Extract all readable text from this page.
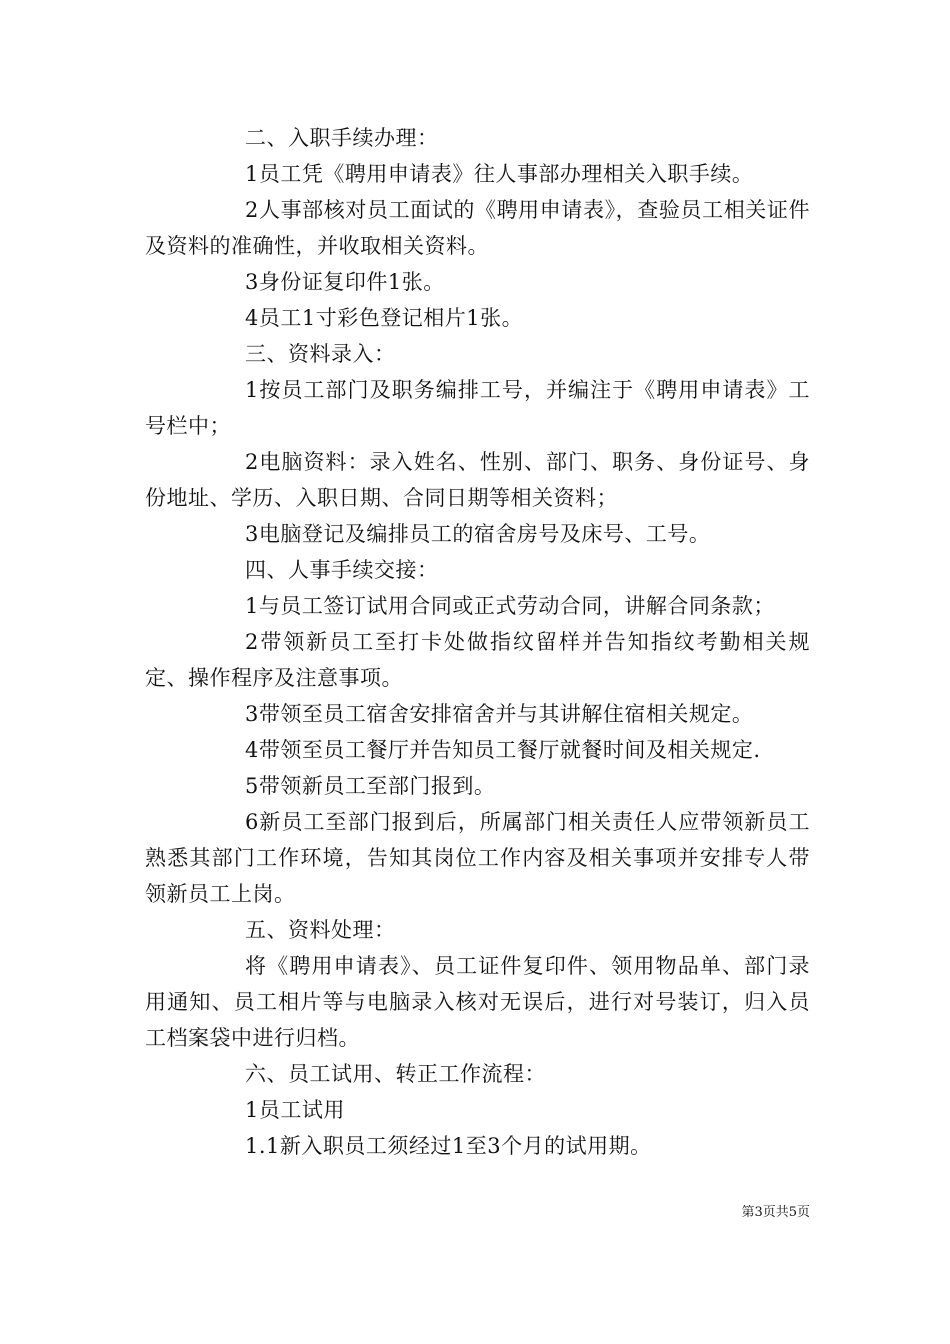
二、入职手续办理：

1员工凭《聘用申请表》往人事部办理相关入职手续。

2人事部核对员工面试的《聘用申请表》，查验员工相关证件及资料的准确性，并收取相关资料。

3身份证复印件1张。

4员工1寸彩色登记相片1张。

三、资料录入：

1按员工部门及职务编排工号，并编注于《聘用申请表》工号栏中；

2电脑资料：录入姓名、性别、部门、职务、身份证号、身份地址、学历、入职日期、合同日期等相关资料；

3电脑登记及编排员工的宿舍房号及床号、工号。

四、人事手续交接：

1与员工签订试用合同或正式劳动合同，讲解合同条款；

2带领新员工至打卡处做指纹留样并告知指纹考勤相关规定、操作程序及注意事项。

3带领至员工宿舍安排宿舍并与其讲解住宿相关规定。

4带领至员工餐厅并告知员工餐厅就餐时间及相关规定.

5带领新员工至部门报到。

6新员工至部门报到后，所属部门相关责任人应带领新员工熟悉其部门工作环境，告知其岗位工作内容及相关事项并安排专人带领新员工上岗。

五、资料处理：

将《聘用申请表》、员工证件复印件、领用物品单、部门录用通知、员工相片等与电脑录入核对无误后，进行对号装订，归入员工档案袋中进行归档。

六、员工试用、转正工作流程：

1员工试用

1.1新入职员工须经过1至3个月的试用期。

第3页共5页
